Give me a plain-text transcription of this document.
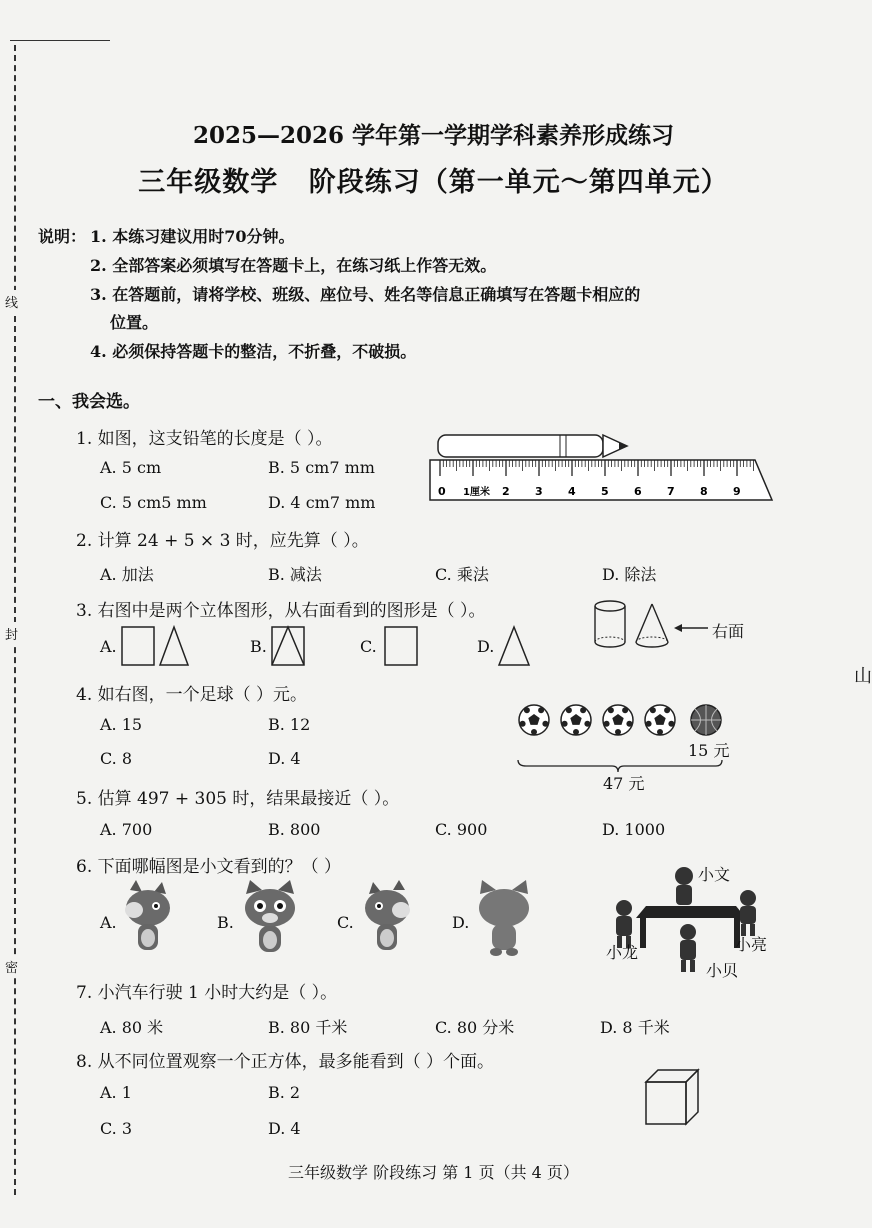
线
封
密
山
2025—2026 学年第一学期学科素养形成练习
三年级数学 阶段练习（第一单元～第四单元）
说明： 1. 本练习建议用时70分钟。
2. 全部答案必须填写在答题卡上，在练习纸上作答无效。
3. 在答题前，请将学校、班级、座位号、姓名等信息正确填写在答题卡相应的
位置。
4. 必须保持答题卡的整洁，不折叠，不破损。
一、我会选。
1. 如图，这支铅笔的长度是（ ）。
A. 5 cm	B. 5 cm7 mm
C. 5 cm5 mm	D. 4 cm7 mm
0 1厘米 2 3 4 5 6 7 8 9
2. 计算 24 + 5 × 3 时，应先算（ ）。
A. 加法	B. 减法	C. 乘法	D. 除法
3. 右图中是两个立体图形，从右面看到的图形是（ ）。
A.	B.	C.	D.
右面
4. 如右图，一个足球（ ）元。
A. 15	B. 12
C. 8	D. 4	15 元
47 元
5. 估算 497 + 305 时，结果最接近（ ）。
A. 700	B. 800	C. 900	D. 1000
6. 下面哪幅图是小文看到的？（ ）
A.	B.	C.	D.
小文
小龙	小亮
小贝
7. 小汽车行驶 1 小时大约是（ ）。
A. 80 米	B. 80 千米	C. 80 分米	D. 8 千米
8. 从不同位置观察一个正方体，最多能看到（ ）个面。
A. 1	B. 2
C. 3	D. 4
三年级数学 阶段练习 第 1 页（共 4 页）
